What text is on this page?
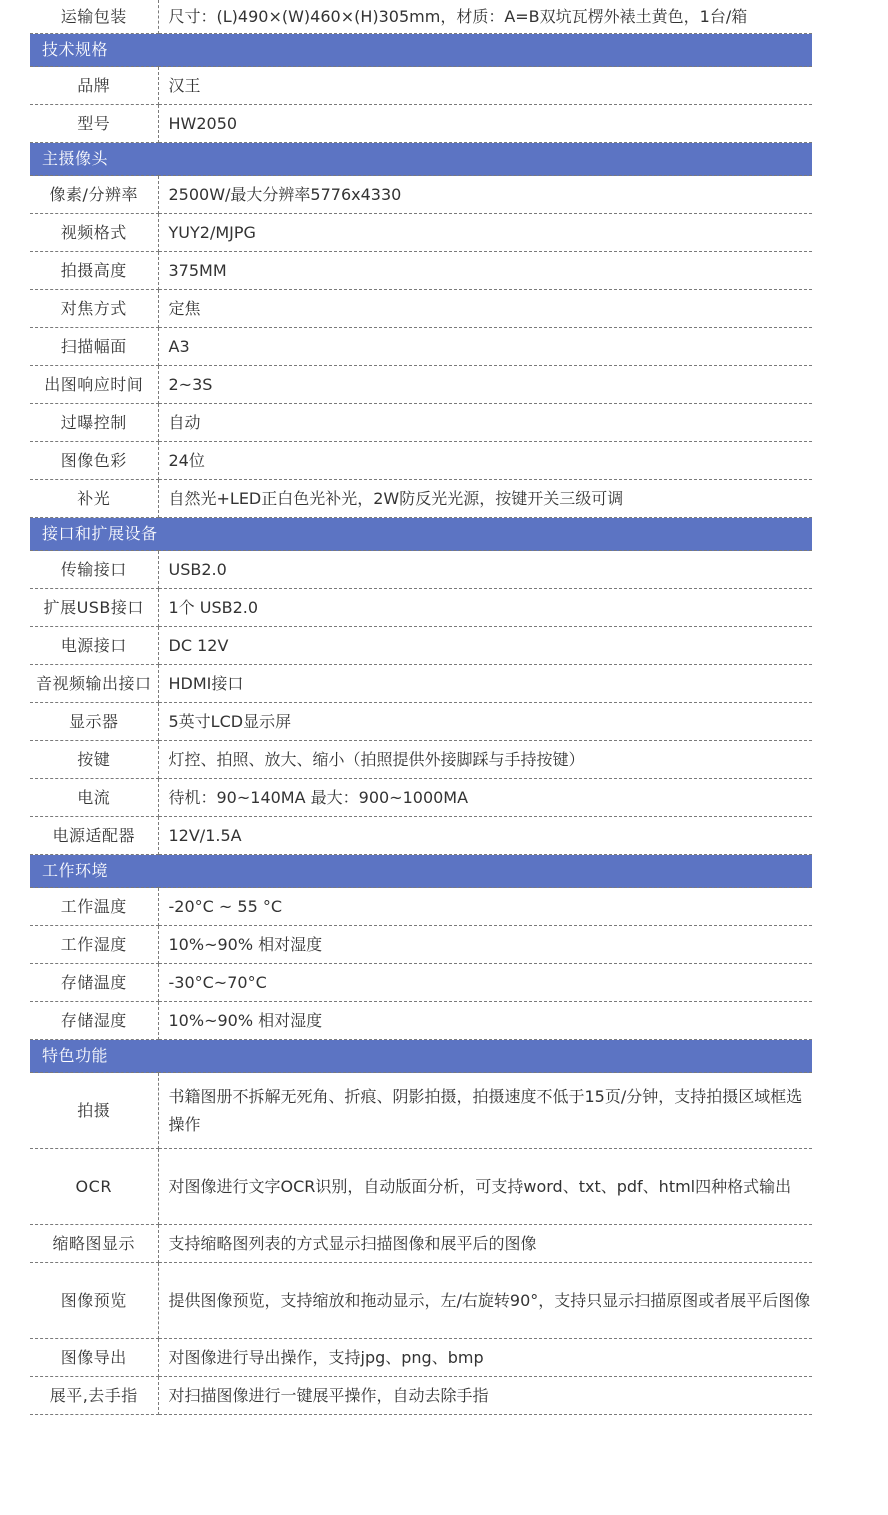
运输包装	尺寸：(L)490×(W)460×(H)305mm，材质：A=B双坑瓦楞外裱土黄色，1台/箱
技术规格	
品牌	汉王
型号	HW2050
主摄像头	
像素/分辨率	2500W/最大分辨率5776x4330
视频格式	YUY2/MJPG
拍摄高度	375MM
对焦方式	定焦
扫描幅面	A3
出图响应时间	2~3S
过曝控制	自动
图像色彩	24位
补光	自然光+LED正白色光补光，2W防反光光源，按键开关三级可调
接口和扩展设备	
传输接口	USB2.0
扩展USB接口	1个 USB2.0
电源接口	DC 12V
音视频输出接口	HDMI接口
显示器	5英寸LCD显示屏
按键	灯控、拍照、放大、缩小（拍照提供外接脚踩与手持按键）
电流	待机：90~140MA 最大：900~1000MA
电源适配器	12V/1.5A
工作环境	
工作温度	-20°C ~ 55 °C
工作湿度	10%~90% 相对湿度
存储温度	-30°C~70°C
存储湿度	10%~90% 相对湿度
特色功能	
拍摄	书籍图册不拆解无死角、折痕、阴影拍摄，拍摄速度不低于15页/分钟，支持拍摄区域框选操作
OCR	对图像进行文字OCR识别，自动版面分析，可支持word、txt、pdf、html四种格式输出
缩略图显示	支持缩略图列表的方式显示扫描图像和展平后的图像
图像预览	提供图像预览，支持缩放和拖动显示，左/右旋转90°，支持只显示扫描原图或者展平后图像
图像导出	对图像进行导出操作，支持jpg、png、bmp
展平,去手指	对扫描图像进行一键展平操作，自动去除手指
